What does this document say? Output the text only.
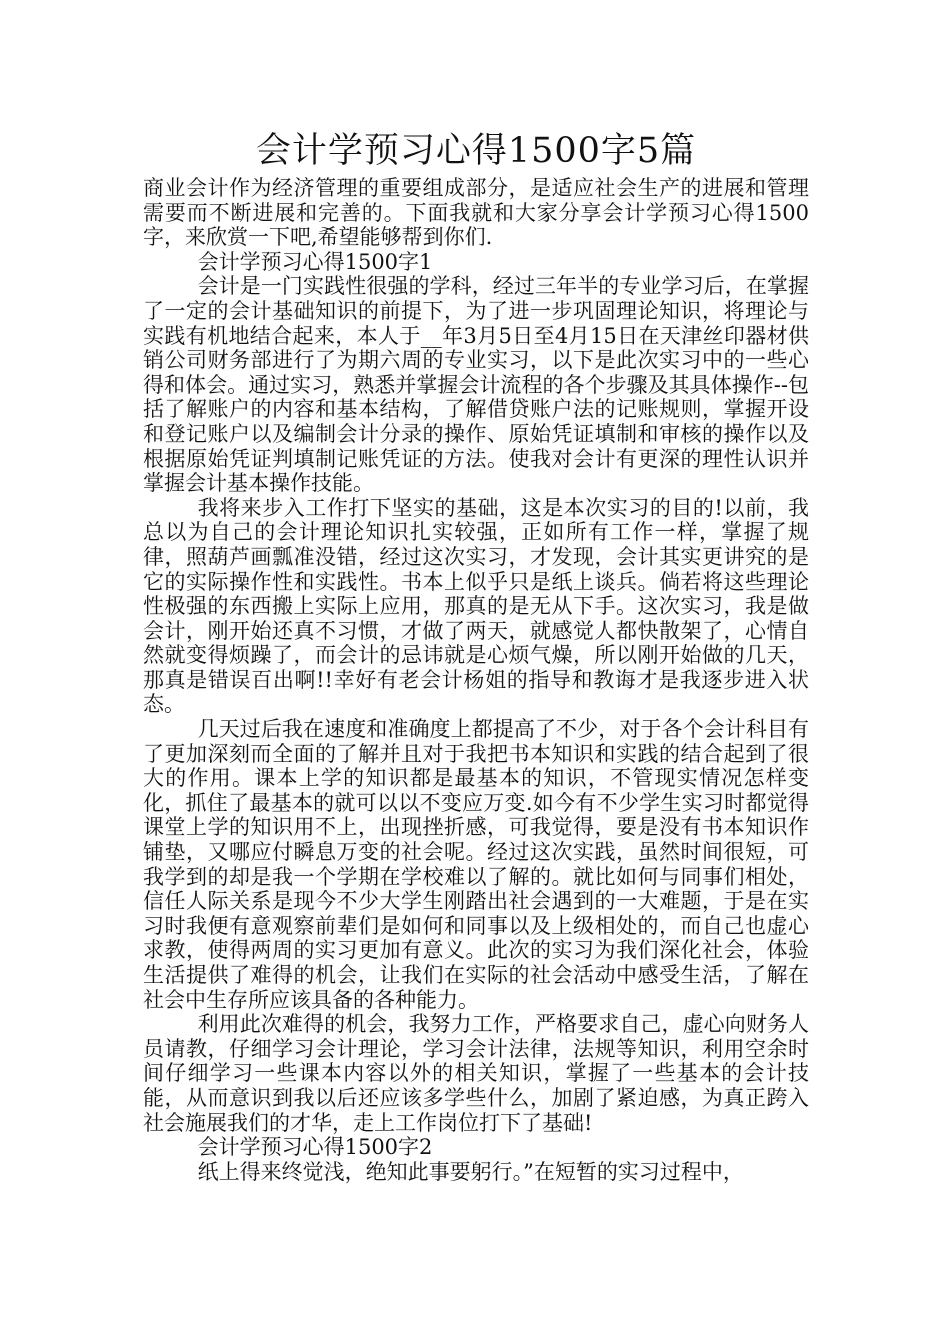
会计学预习心得1500字5篇

商业会计作为经济管理的重要组成部分，是适应社会生产的进展和管理需要而不断进展和完善的。下面我就和大家分享会计学预习心得1500字，来欣赏一下吧,希望能够帮到你们.

会计学预习心得1500字1

会计是一门实践性很强的学科，经过三年半的专业学习后，在掌握了一定的会计基础知识的前提下，为了进一步巩固理论知识，将理论与实践有机地结合起来，本人于__年3月5日至4月15日在天津丝印器材供销公司财务部进行了为期六周的专业实习，以下是此次实习中的一些心得和体会。通过实习，熟悉并掌握会计流程的各个步骤及其具体操作--包括了解账户的内容和基本结构，了解借贷账户法的记账规则，掌握开设和登记账户以及编制会计分录的操作、原始凭证填制和审核的操作以及根据原始凭证判填制记账凭证的方法。使我对会计有更深的理性认识并掌握会计基本操作技能。

我将来步入工作打下坚实的基础，这是本次实习的目的!以前，我总以为自己的会计理论知识扎实较强，正如所有工作一样，掌握了规律，照葫芦画瓢准没错，经过这次实习，才发现，会计其实更讲究的是它的实际操作性和实践性。书本上似乎只是纸上谈兵。倘若将这些理论性极强的东西搬上实际上应用，那真的是无从下手。这次实习，我是做会计，刚开始还真不习惯，才做了两天，就感觉人都快散架了，心情自然就变得烦躁了，而会计的忌讳就是心烦气燥，所以刚开始做的几天，那真是错误百出啊!!幸好有老会计杨姐的指导和教诲才是我逐步进入状态。

几天过后我在速度和准确度上都提高了不少，对于各个会计科目有了更加深刻而全面的了解并且对于我把书本知识和实践的结合起到了很大的作用。课本上学的知识都是最基本的知识，不管现实情况怎样变化，抓住了最基本的就可以以不变应万变.如今有不少学生实习时都觉得课堂上学的知识用不上，出现挫折感，可我觉得，要是没有书本知识作铺垫，又哪应付瞬息万变的社会呢。经过这次实践，虽然时间很短，可我学到的却是我一个学期在学校难以了解的。就比如何与同事们相处，信任人际关系是现今不少大学生刚踏出社会遇到的一大难题，于是在实习时我便有意观察前辈们是如何和同事以及上级相处的，而自己也虚心求教，使得两周的实习更加有意义。此次的实习为我们深化社会，体验生活提供了难得的机会，让我们在实际的社会活动中感受生活，了解在社会中生存所应该具备的各种能力。

利用此次难得的机会，我努力工作，严格要求自己，虚心向财务人员请教，仔细学习会计理论，学习会计法律，法规等知识，利用空余时间仔细学习一些课本内容以外的相关知识，掌握了一些基本的会计技能，从而意识到我以后还应该多学些什么，加剧了紧迫感，为真正跨入社会施展我们的才华，走上工作岗位打下了基础!

会计学预习心得1500字2

纸上得来终觉浅，绝知此事要躬行。”在短暂的实习过程中，
